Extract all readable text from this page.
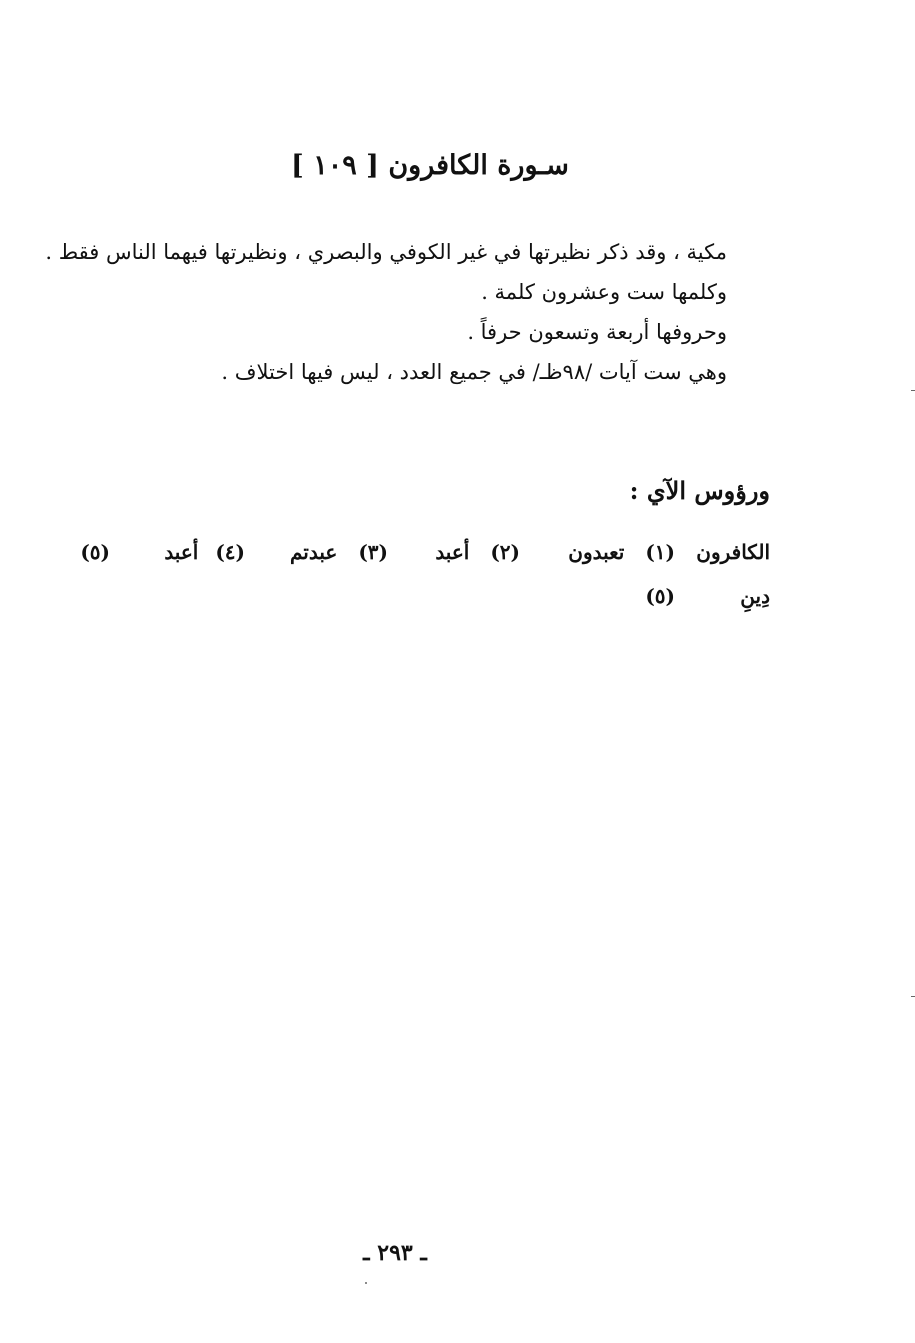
سـورة الكافرون [ ١٠٩ ]
مكية ، وقد ذكر نظيرتها في غير الكوفي والبصري ، ونظيرتها فيهما الناس فقط .
وكلمها ست وعشرون كلمة .
وحروفها أربعة وتسعون حرفاً .
وهي ست آيات /٩٨ظـ/ في جميع العدد ، ليس فيها اختلاف .
ورؤوس الآي :
الكافرون
(١) تعبدون
(٢) أعبد
(٣) عبدتم
(٤) أعبد
(٥)
دِينِ
(٥)
ـ ٢٩٣ ـ
